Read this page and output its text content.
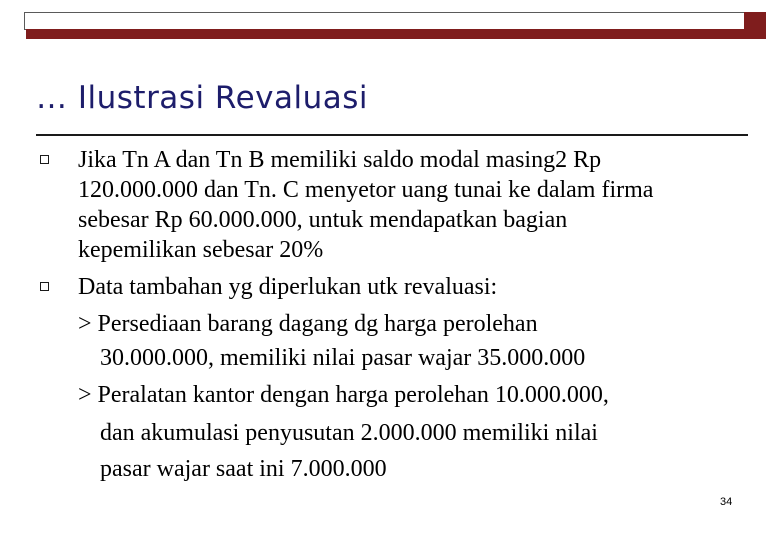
… Ilustrasi Revaluasi
Jika Tn A dan Tn B memiliki saldo modal masing2 Rp
120.000.000 dan Tn. C menyetor uang tunai ke dalam firma
sebesar Rp 60.000.000, untuk mendapatkan bagian
kepemilikan sebesar 20%
Data tambahan yg diperlukan utk revaluasi:
> Persediaan barang dagang dg harga perolehan
30.000.000, memiliki nilai pasar wajar 35.000.000
> Peralatan kantor dengan harga perolehan 10.000.000,
dan akumulasi penyusutan 2.000.000 memiliki nilai
pasar wajar saat ini 7.000.000
34
